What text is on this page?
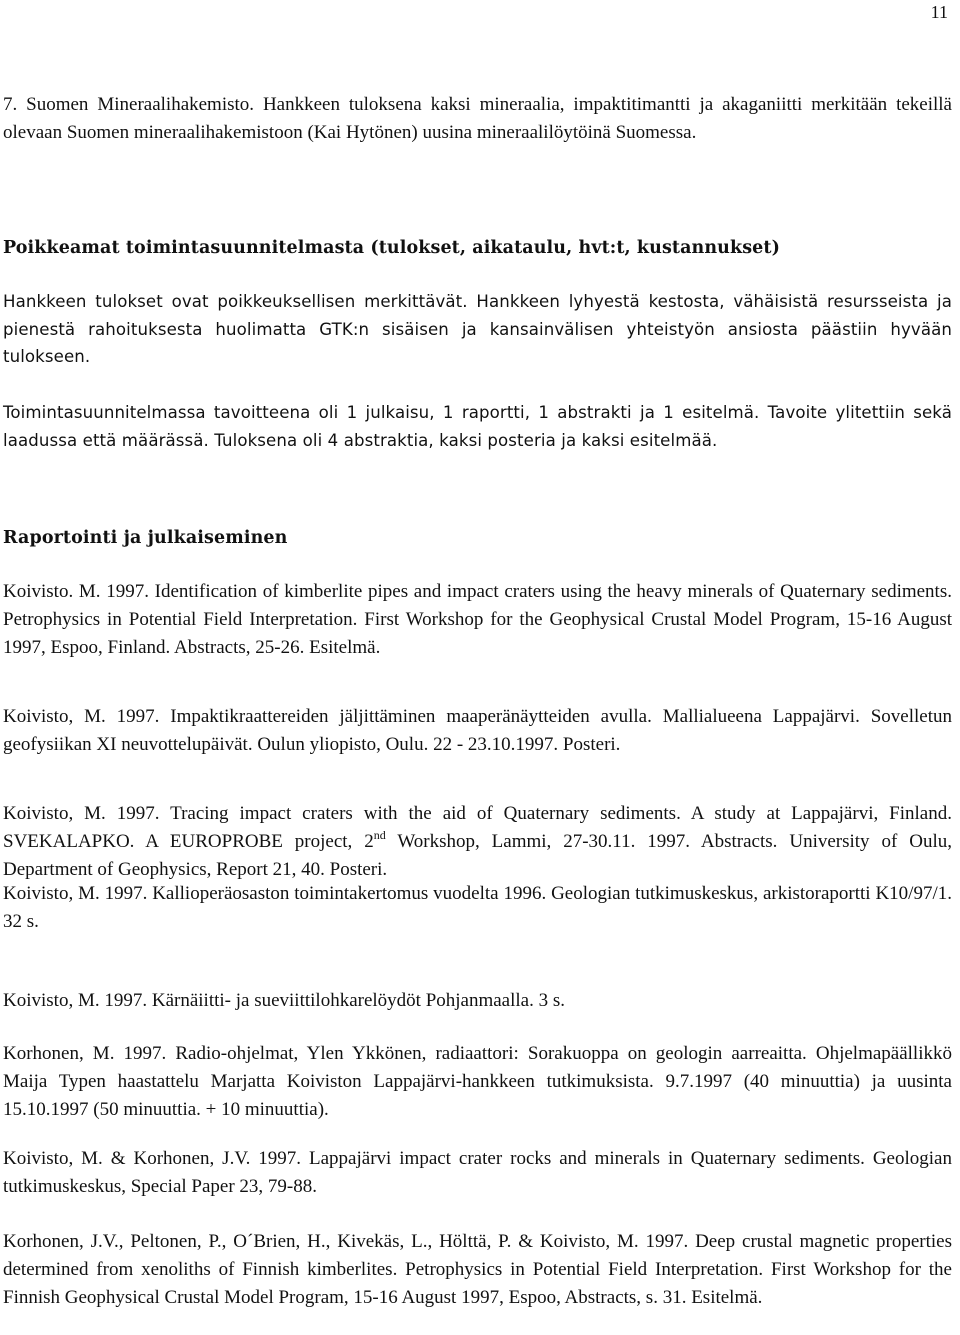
11
7. Suomen Mineraalihakemisto. Hankkeen tuloksena kaksi mineraalia, impaktitimantti ja akaganiitti merkitään tekeillä olevaan Suomen mineraalihakemistoon (Kai Hytönen) uusina mineraalilöytöinä Suomessa.
Poikkeamat toimintasuunnitelmasta (tulokset, aikataulu, hvt:t, kustannukset)
Hankkeen tulokset ovat poikkeuksellisen merkittävät. Hankkeen lyhyestä kestosta, vähäisistä resursseista ja pienestä rahoituksesta huolimatta GTK:n sisäisen ja kansainvälisen yhteistyön ansiosta päästiin hyvään tulokseen.
Toimintasuunnitelmassa tavoitteena oli 1 julkaisu, 1 raportti, 1 abstrakti ja 1 esitelmä. Tavoite ylitettiin sekä laadussa että määrässä. Tuloksena oli 4 abstraktia, kaksi posteria ja kaksi esitelmää.
Raportointi ja julkaiseminen
Koivisto. M. 1997. Identification of kimberlite pipes and impact craters using the heavy minerals of Quaternary sediments. Petrophysics in Potential Field Interpretation. First Workshop for the Geophysical Crustal Model Program, 15-16 August 1997, Espoo, Finland. Abstracts, 25-26. Esitelmä.
Koivisto, M. 1997. Impaktikraattereiden jäljittäminen maaperänäytteiden avulla. Mallialueena Lappajärvi. Sovelletun geofysiikan XI neuvottelupäivät. Oulun yliopisto, Oulu. 22 - 23.10.1997. Posteri.
Koivisto, M. 1997. Tracing impact craters with the aid of Quaternary sediments. A study at Lappajärvi, Finland. SVEKALAPKO. A EUROPROBE project, 2nd Workshop, Lammi, 27-30.11. 1997. Abstracts. University of Oulu, Department of Geophysics, Report 21, 40. Posteri.
Koivisto, M. 1997. Kallioperäosaston toimintakertomus vuodelta 1996. Geologian tutkimuskeskus, arkistoraportti K10/97/1. 32 s.
Koivisto, M. 1997. Kärnäiitti- ja sueviittilohkarelöydöt Pohjanmaalla. 3 s.
Korhonen, M. 1997. Radio-ohjelmat, Ylen Ykkönen, radiaattori: Sorakuoppa on geologin aarreaitta. Ohjelmapäällikkö Maija Typen haastattelu Marjatta Koiviston Lappajärvi-hankkeen tutkimuksista. 9.7.1997 (40 minuuttia) ja uusinta 15.10.1997 (50 minuuttia. + 10 minuuttia).
Koivisto, M. & Korhonen, J.V. 1997. Lappajärvi impact crater rocks and minerals in Quaternary sediments. Geologian tutkimuskeskus, Special Paper 23, 79-88.
Korhonen, J.V., Peltonen, P., O´Brien, H., Kivekäs, L., Hölttä, P. & Koivisto, M. 1997. Deep crustal magnetic properties determined from xenoliths of Finnish kimberlites. Petrophysics in Potential Field Interpretation. First Workshop for the Finnish Geophysical Crustal Model Program, 15-16 August 1997, Espoo, Abstracts, s. 31. Esitelmä.
